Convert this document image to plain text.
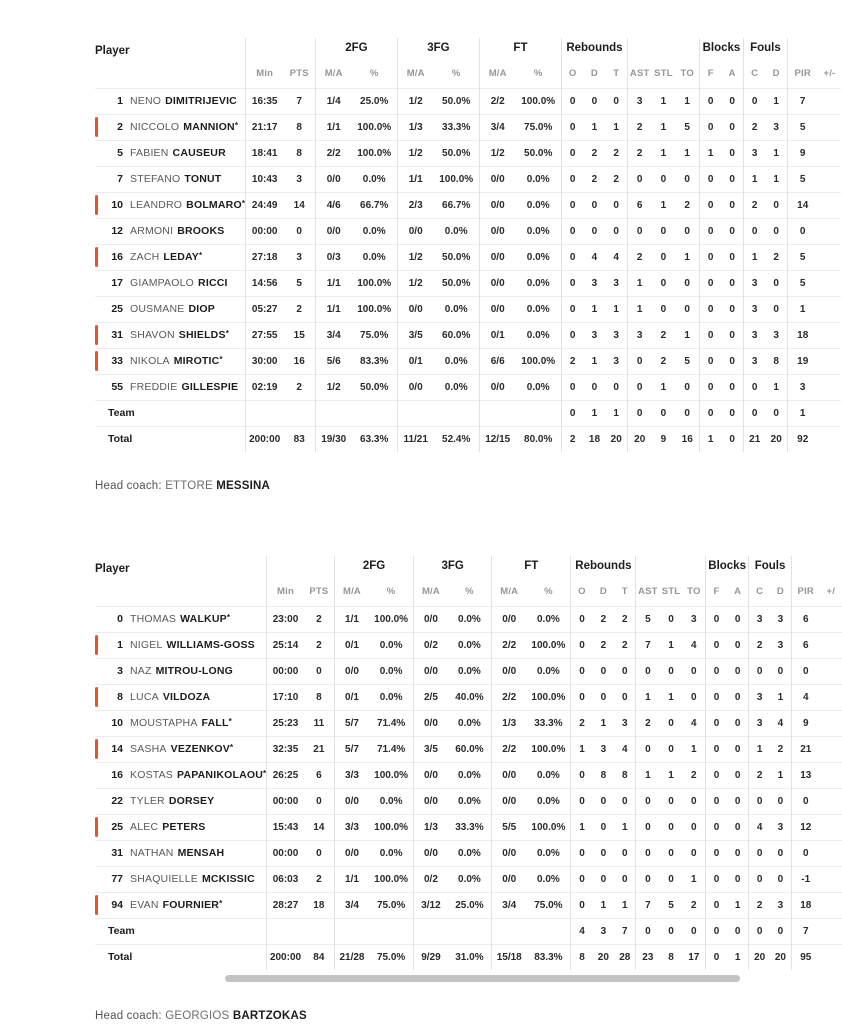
Player			2FG		3FG		FT		Rebounds						Blocks		Fouls			
	Min	PTS	M/A	%	M/A	%	M/A	%	O	D	T	AST	STL	TO	F	A	C	D	PIR	+/-
1 NENO DIMITRIJEVIC	16:35	7	1/4	25.0%	1/2	50.0%	2/2	100.0%	0	0	0	3	1	1	0	0	0	1	7	

2 NICCOLO MANNION*	21:17	8	1/1	100.0%	1/3	33.3%	3/4	75.0%	0	1	1	2	1	5	0	0	2	3	5	
5 FABIEN CAUSEUR	18:41	8	2/2	100.0%	1/2	50.0%	1/2	50.0%	0	2	2	2	1	1	1	0	3	1	9	
7 STEFANO TONUT	10:43	3	0/0	0.0%	1/1	100.0%	0/0	0.0%	0	2	2	0	0	0	0	0	1	1	5	

10 LEANDRO BOLMARO*	24:49	14	4/6	66.7%	2/3	66.7%	0/0	0.0%	0	0	0	6	1	2	0	0	2	0	14	
12 ARMONI BROOKS	00:00	0	0/0	0.0%	0/0	0.0%	0/0	0.0%	0	0	0	0	0	0	0	0	0	0	0	

16 ZACH LEDAY*	27:18	3	0/3	0.0%	1/2	50.0%	0/0	0.0%	0	4	4	2	0	1	0	0	1	2	5	
17 GIAMPAOLO RICCI	14:56	5	1/1	100.0%	1/2	50.0%	0/0	0.0%	0	3	3	1	0	0	0	0	3	0	5	
25 OUSMANE DIOP	05:27	2	1/1	100.0%	0/0	0.0%	0/0	0.0%	0	1	1	1	0	0	0	0	3	0	1	

31 SHAVON SHIELDS*	27:55	15	3/4	75.0%	3/5	60.0%	0/1	0.0%	0	3	3	3	2	1	0	0	3	3	18	

33 NIKOLA MIROTIC*	30:00	16	5/6	83.3%	0/1	0.0%	6/6	100.0%	2	1	3	0	2	5	0	0	3	8	19	
55 FREDDIE GILLESPIE	02:19	2	1/2	50.0%	0/0	0.0%	0/0	0.0%	0	0	0	0	1	0	0	0	0	1	3	
Team									0	1	1	0	0	0	0	0	0	0	1	
Total	200:00	83	19/30	63.3%	11/21	52.4%	12/15	80.0%	2	18	20	20	9	16	1	0	21	20	92	
Head coach: ETTORE MESSINA
Player			2FG		3FG		FT		Rebounds						Blocks		Fouls			
	Min	PTS	M/A	%	M/A	%	M/A	%	O	D	T	AST	STL	TO	F	A	C	D	PIR	+/
0 THOMAS WALKUP*	23:00	2	1/1	100.0%	0/0	0.0%	0/0	0.0%	0	2	2	5	0	3	0	0	3	3	6	

1 NIGEL WILLIAMS-GOSS	25:14	2	0/1	0.0%	0/2	0.0%	2/2	100.0%	0	2	2	7	1	4	0	0	2	3	6	
3 NAZ MITROU-LONG	00:00	0	0/0	0.0%	0/0	0.0%	0/0	0.0%	0	0	0	0	0	0	0	0	0	0	0	

8 LUCA VILDOZA	17:10	8	0/1	0.0%	2/5	40.0%	2/2	100.0%	0	0	0	1	1	0	0	0	3	1	4	
10 MOUSTAPHA FALL*	25:23	11	5/7	71.4%	0/0	0.0%	1/3	33.3%	2	1	3	2	0	4	0	0	3	4	9	

14 SASHA VEZENKOV*	32:35	21	5/7	71.4%	3/5	60.0%	2/2	100.0%	1	3	4	0	0	1	0	0	1	2	21	
16 KOSTAS PAPANIKOLAOU*	26:25	6	3/3	100.0%	0/0	0.0%	0/0	0.0%	0	8	8	1	1	2	0	0	2	1	13	
22 TYLER DORSEY	00:00	0	0/0	0.0%	0/0	0.0%	0/0	0.0%	0	0	0	0	0	0	0	0	0	0	0	

25 ALEC PETERS	15:43	14	3/3	100.0%	1/3	33.3%	5/5	100.0%	1	0	1	0	0	0	0	0	4	3	12	
31 NATHAN MENSAH	00:00	0	0/0	0.0%	0/0	0.0%	0/0	0.0%	0	0	0	0	0	0	0	0	0	0	0	
77 SHAQUIELLE MCKISSIC	06:03	2	1/1	100.0%	0/2	0.0%	0/0	0.0%	0	0	0	0	0	1	0	0	0	0	-1	

94 EVAN FOURNIER*	28:27	18	3/4	75.0%	3/12	25.0%	3/4	75.0%	0	1	1	7	5	2	0	1	2	3	18	
Team									4	3	7	0	0	0	0	0	0	0	7	
Total	200:00	84	21/28	75.0%	9/29	31.0%	15/18	83.3%	8	20	28	23	8	17	0	1	20	20	95	
Head coach: GEORGIOS BARTZOKAS
